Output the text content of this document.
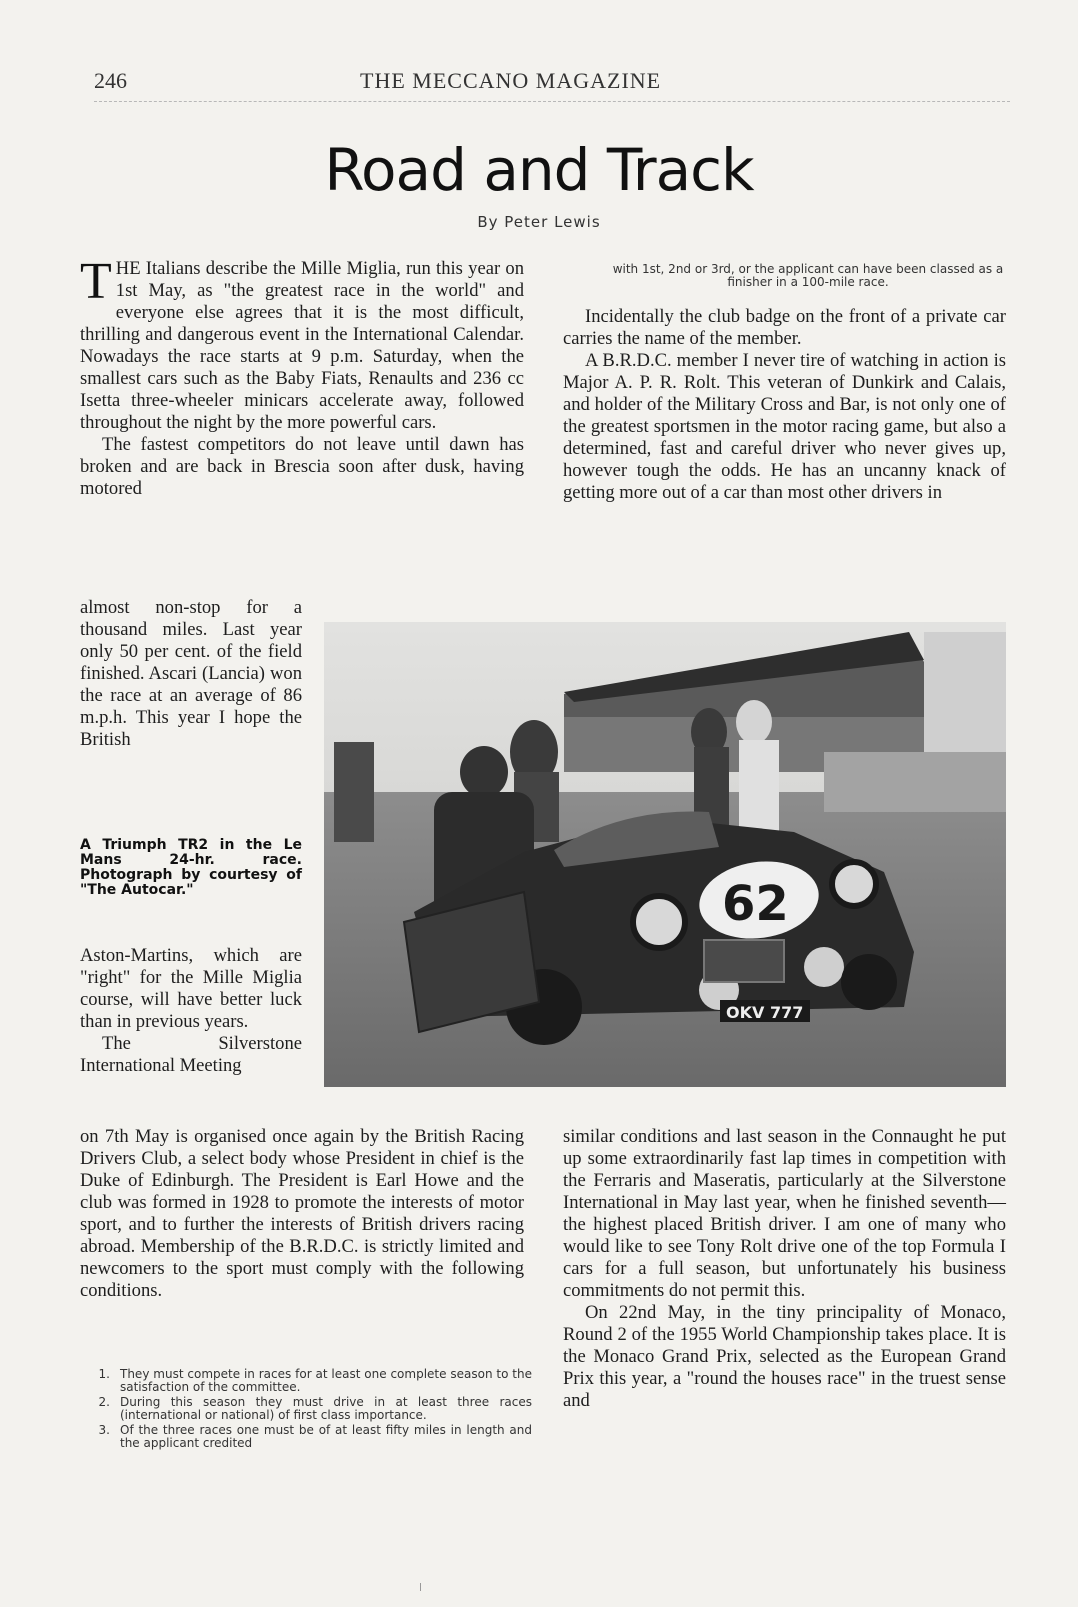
246	THE MECCANO MAGAZINE
Road and Track
By Peter Lewis

THE Italians describe the Mille Miglia, run this year on 1st May, as "the greatest race in the world" and everyone else agrees that it is the most difficult, thrilling and dangerous event in the International Calendar. Nowadays the race starts at 9 p.m. Saturday, when the smallest cars such as the Baby Fiats, Renaults and 236 cc Isetta three-wheeler minicars accelerate away, followed throughout the night by the more powerful cars.

The fastest competitors do not leave until dawn has broken and are back in Brescia soon after dusk, having motored

almost non-stop for a thousand miles. Last year only 50 per cent. of the field finished. Ascari (Lancia) won the race at an average of 86 m.p.h. This year I hope the British
A Triumph TR2 in the Le Mans 24-hr. race. Photograph by courtesy of "The Autocar."

Aston-Martins, which are "right" for the Mille Miglia course, will have better luck than in previous years.

The Silverstone International Meeting

on 7th May is organised once again by the British Racing Drivers Club, a select body whose President in chief is the Duke of Edinburgh. The President is Earl Howe and the club was formed in 1928 to promote the interests of motor sport, and to further the interests of British drivers racing abroad. Membership of the B.R.D.C. is strictly limited and newcomers to the sport must comply with the following conditions.
1. They must compete in races for at least one complete season to the satisfaction of the committee.
2. During this season they must drive in at least three races (international or national) of first class importance.
3. Of the three races one must be of at least fifty miles in length and the applicant credited
with 1st, 2nd or 3rd, or the applicant can have been classed as a finisher in a 100-mile race.

Incidentally the club badge on the front of a private car carries the name of the member.

A B.R.D.C. member I never tire of watching in action is Major A. P. R. Rolt. This veteran of Dunkirk and Calais, and holder of the Military Cross and Bar, is not only one of the greatest sportsmen in the motor racing game, but also a determined, fast and careful driver who never gives up, however tough the odds. He has an uncanny knack of getting more out of a car than most other drivers in

similar conditions and last season in the Connaught he put up some extraordinarily fast lap times in competition with the Ferraris and Maseratis, particularly at the Silverstone International in May last year, when he finished seventh—the highest placed British driver. I am one of many who would like to see Tony Rolt drive one of the top Formula I cars for a full season, but unfortunately his business commitments do not permit this.

On 22nd May, in the tiny principality of Monaco, Round 2 of the 1955 World Championship takes place. It is the Monaco Grand Prix, selected as the European Grand Prix this year, a "round the houses race" in the truest sense and

62
OKV 777
